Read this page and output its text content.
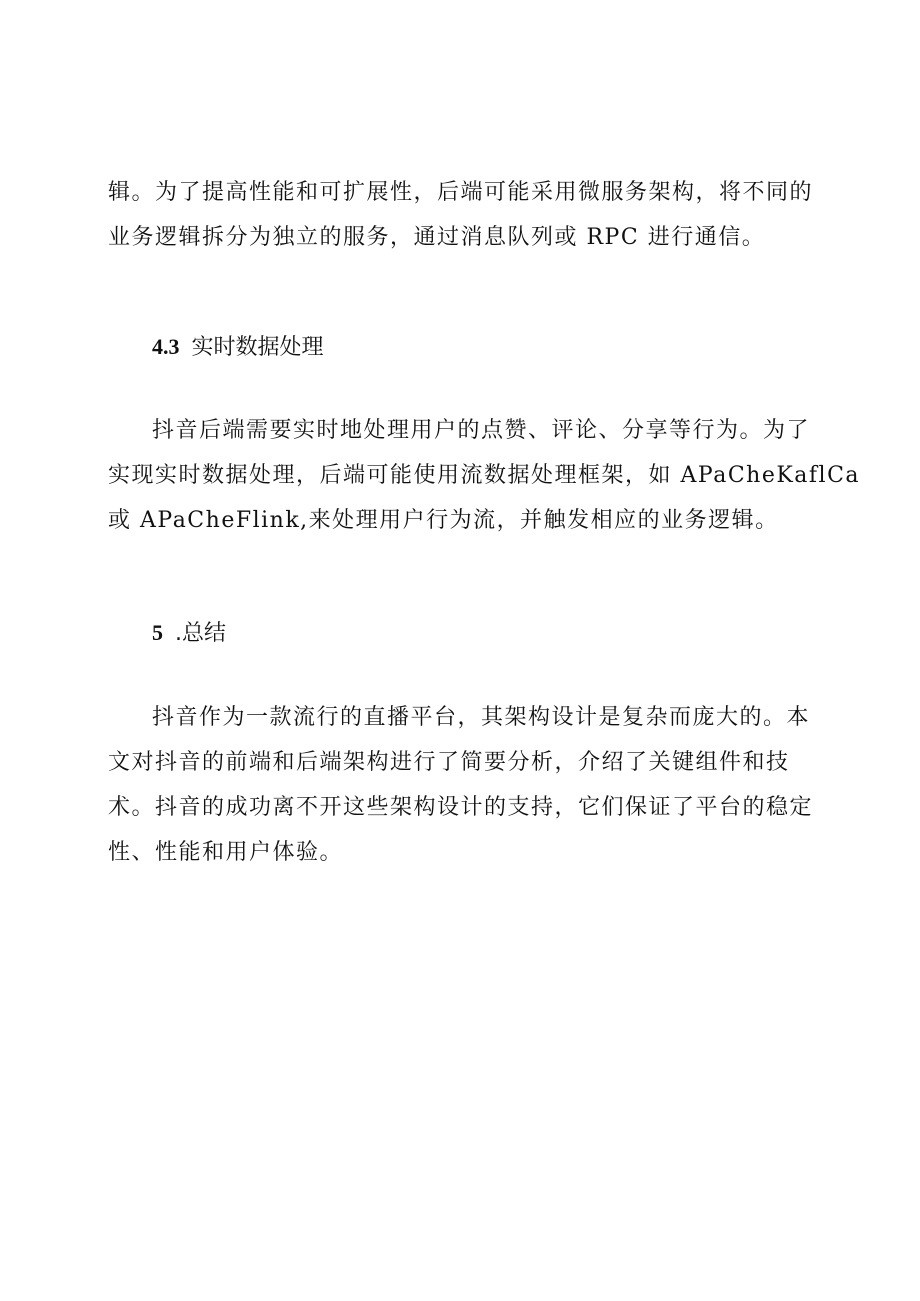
辑。为了提高性能和可扩展性，后端可能采用微服务架构，将不同的
业务逻辑拆分为独立的服务，通过消息队列或 RPC 进行通信。

4.3 实时数据处理

抖音后端需要实时地处理用户的点赞、评论、分享等行为。为了
实现实时数据处理，后端可能使用流数据处理框架，如 APaCheKaflCa
或 APaCheFlink,来处理用户行为流，并触发相应的业务逻辑。

5 .总结

抖音作为一款流行的直播平台，其架构设计是复杂而庞大的。本
文对抖音的前端和后端架构进行了简要分析，介绍了关键组件和技
术。抖音的成功离不开这些架构设计的支持，它们保证了平台的稳定
性、性能和用户体验。
